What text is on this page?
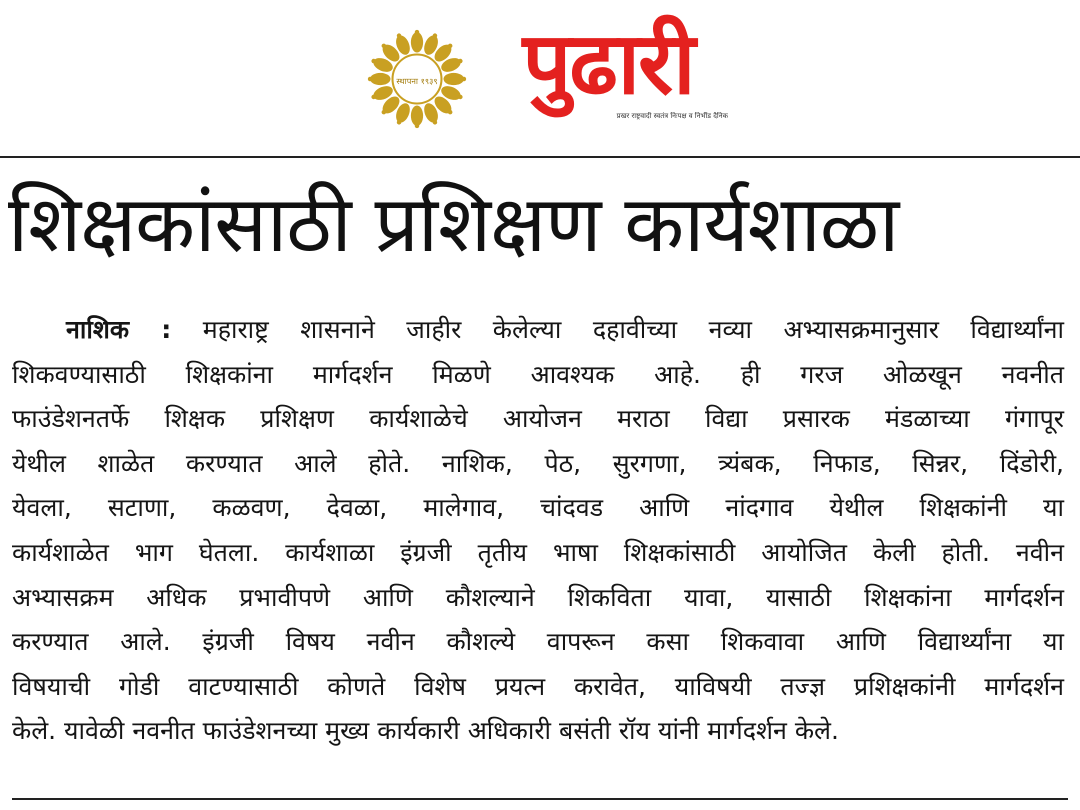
स्थापना १९३९ पुढारी
प्रखर राष्ट्रवादी स्वतंत्र निःपक्ष व निर्भीड दैनिक
शिक्षकांसाठी प्रशिक्षण कार्यशाळा
नाशिक : महाराष्ट्र शासनाने जाहीर केलेल्या दहावीच्या नव्या अभ्यासक्रमानुसार विद्यार्थ्यांना
शिकवण्यासाठी शिक्षकांना मार्गदर्शन मिळणे आवश्यक आहे. ही गरज ओळखून नवनीत
फाउंडेशनतर्फे शिक्षक प्रशिक्षण कार्यशाळेचे आयोजन मराठा विद्या प्रसारक मंडळाच्या गंगापूर
येथील शाळेत करण्यात आले होते. नाशिक, पेठ, सुरगणा, त्र्यंबक, निफाड, सिन्नर, दिंडोरी,
येवला, सटाणा, कळवण, देवळा, मालेगाव, चांदवड आणि नांदगाव येथील शिक्षकांनी या
कार्यशाळेत भाग घेतला. कार्यशाळा इंग्रजी तृतीय भाषा शिक्षकांसाठी आयोजित केली होती. नवीन
अभ्यासक्रम अधिक प्रभावीपणे आणि कौशल्याने शिकविता यावा, यासाठी शिक्षकांना मार्गदर्शन
करण्यात आले. इंग्रजी विषय नवीन कौशल्ये वापरून कसा शिकवावा आणि विद्यार्थ्यांना या
विषयाची गोडी वाटण्यासाठी कोणते विशेष प्रयत्न करावेत, याविषयी तज्ज्ञ प्रशिक्षकांनी मार्गदर्शन
केले. यावेळी नवनीत फाउंडेशनच्या मुख्य कार्यकारी अधिकारी बसंती रॉय यांनी मार्गदर्शन केले.
